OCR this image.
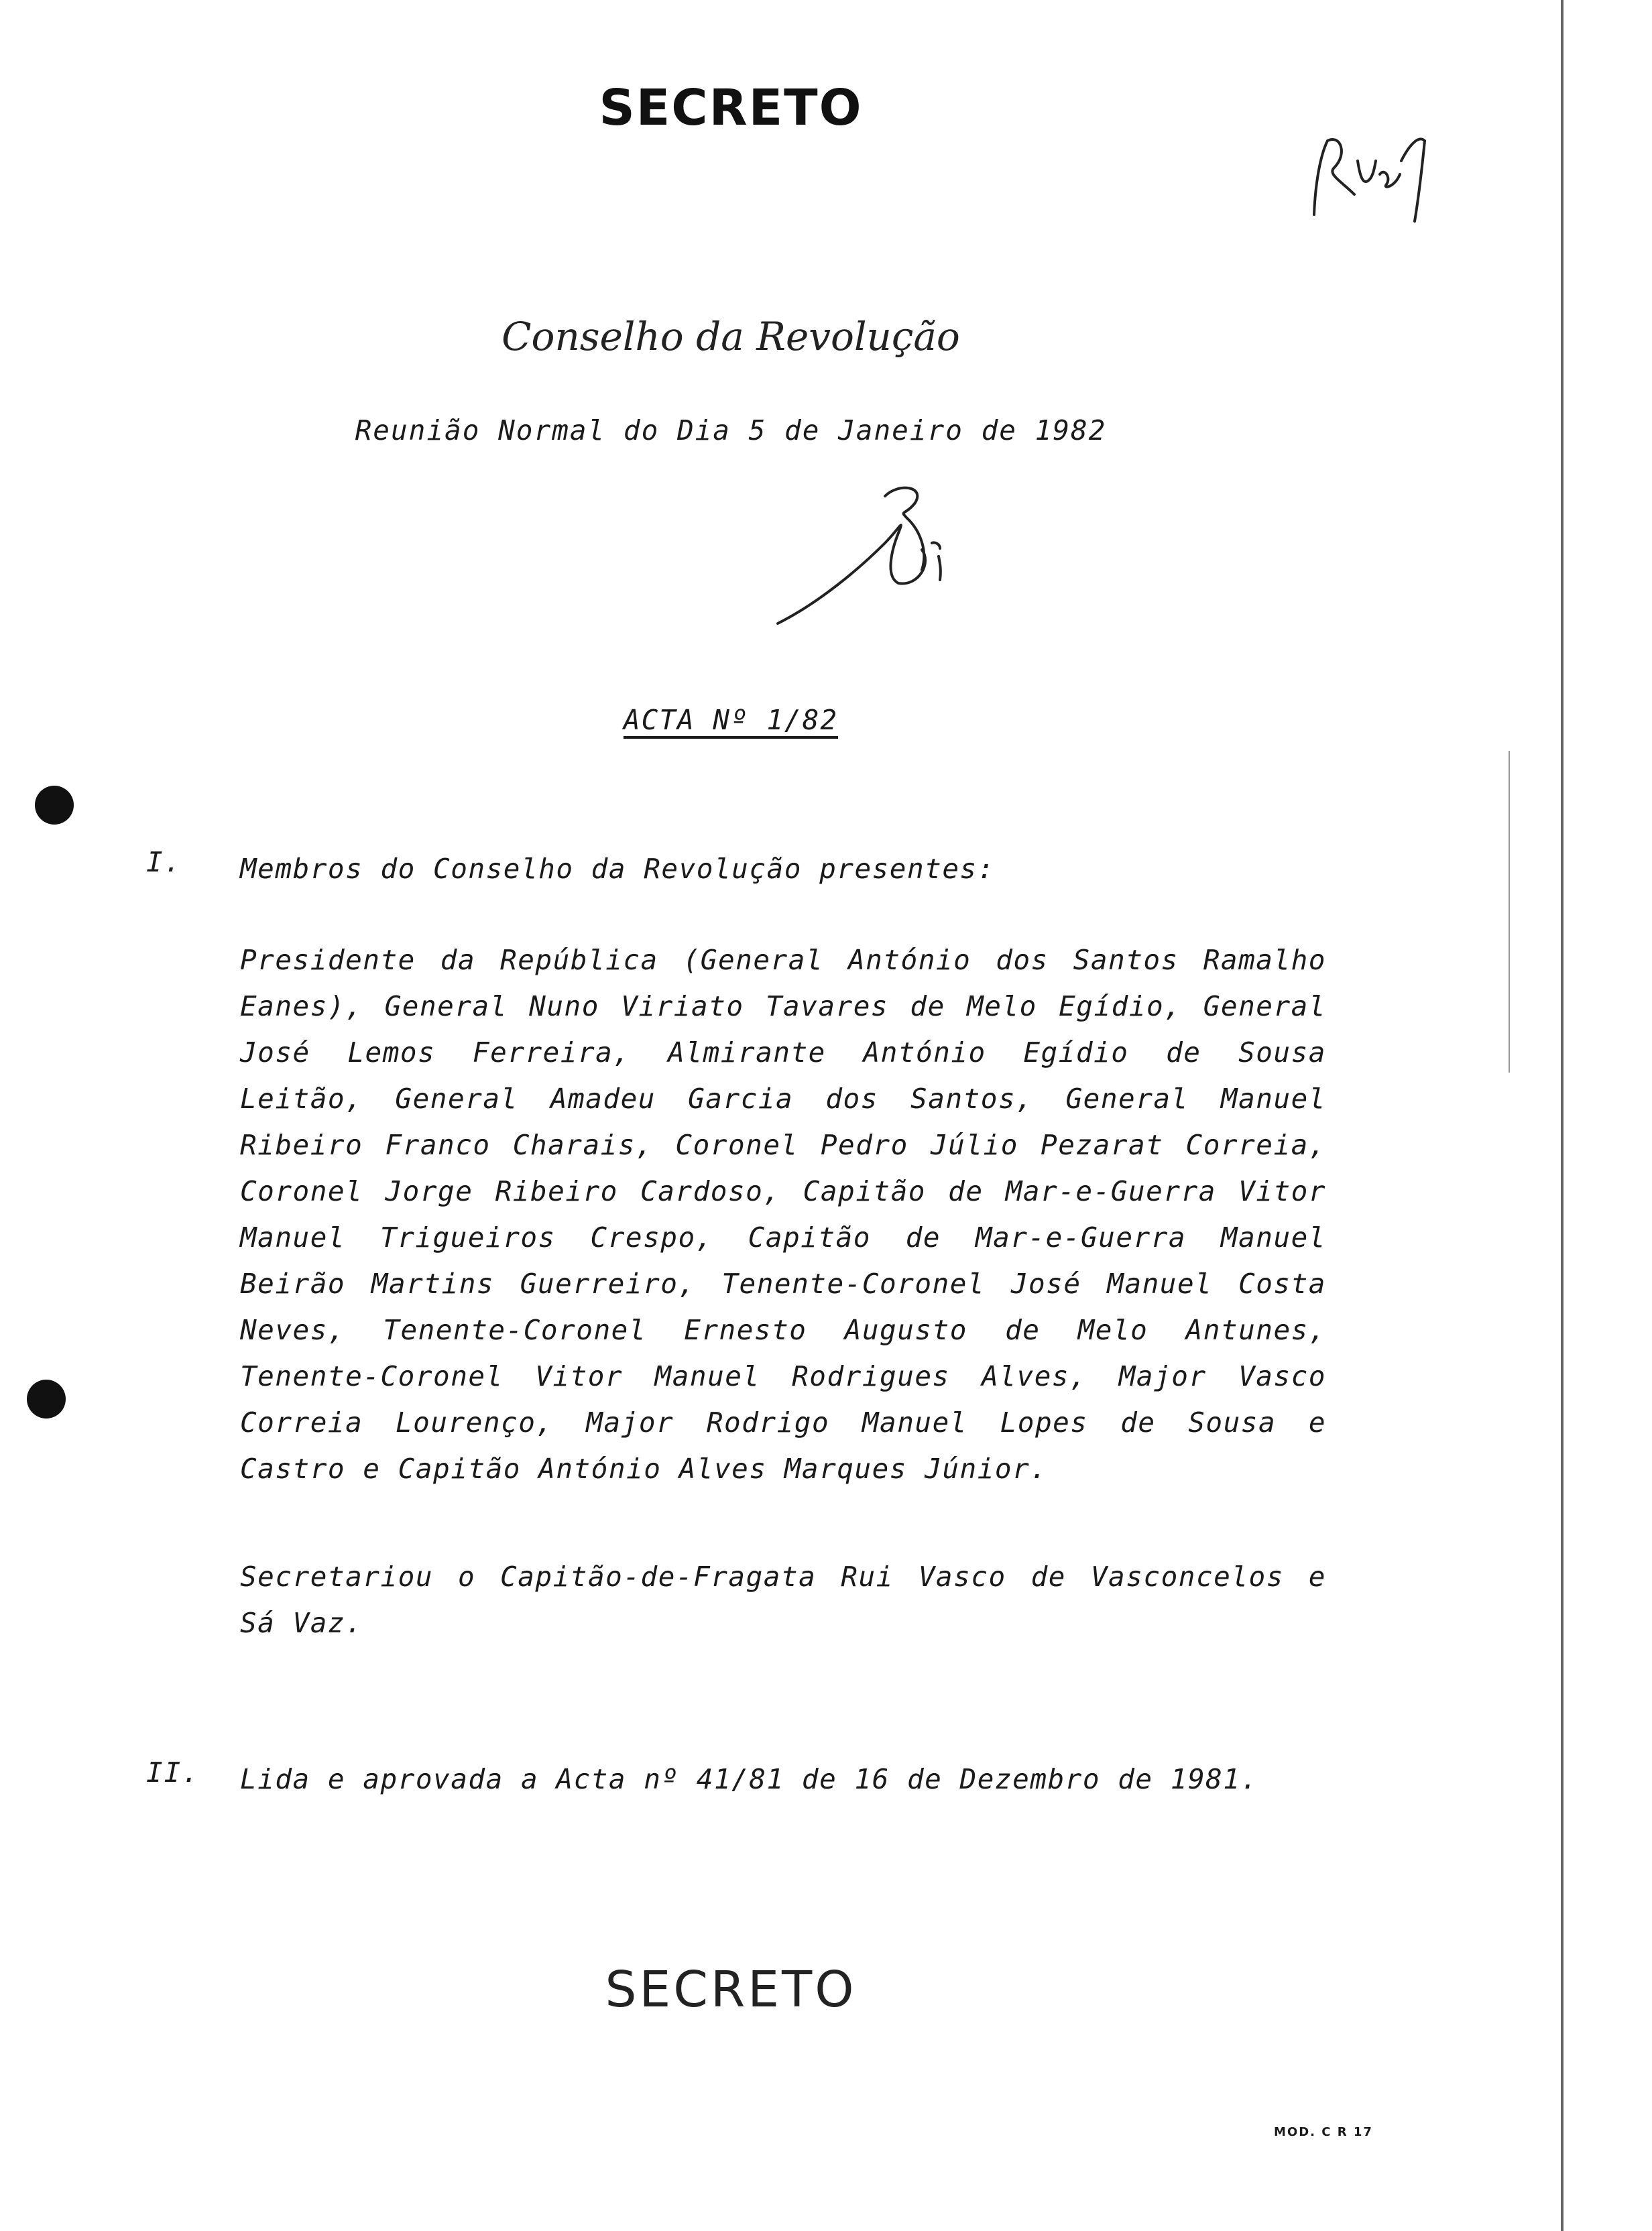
SECRETO
Conselho da Revolução
Reunião Normal do Dia 5 de Janeiro de 1982
ACTA Nº 1/82
I. Membros do Conselho da Revolução presentes:
Presidente da República (General António dos Santos Ramalho Eanes), General Nuno Viriato Tavares de Melo Egídio, General José Lemos Ferreira, Almirante António Egídio de Sousa Leitão, General Amadeu Garcia dos Santos, General Manuel Ribeiro Franco Charais, Coronel Pedro Júlio Pezarat Correia, Coronel Jorge Ribeiro Cardoso, Capitão de Mar-e-Guerra Vitor Manuel Trigueiros Crespo, Capitão de Mar-e-Guerra Manuel Beirão Martins Guerreiro, Tenente-Coronel José Manuel Costa Neves, Tenente-Coronel Ernesto Augusto de Melo Antunes, Tenente-Coronel Vitor Manuel Rodrigues Alves, Major Vasco Correia Lourenço, Major Rodrigo Manuel Lopes de Sousa e Castro e Capitão António Alves Marques Júnior.
Secretariou o Capitão-de-Fragata Rui Vasco de Vasconcelos e Sá Vaz.
II. Lida e aprovada a Acta nº 41/81 de 16 de Dezembro de 1981.
SECRETO
MOD. C R 17
